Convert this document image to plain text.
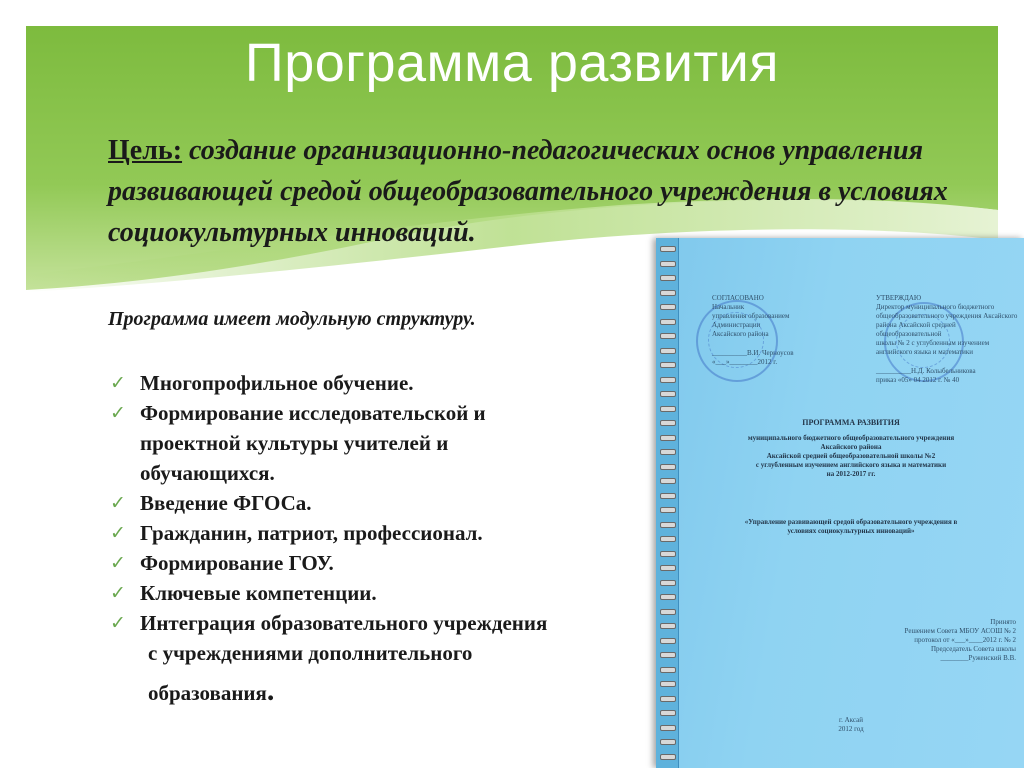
Программа развития
Цель: создание организационно-педагогических основ управления развивающей средой общеобразовательного учреждения в условиях социокультурных инноваций.
Программа имеет модульную структуру.
✓ Многопрофильное обучение.
✓ Формирование исследовательской и
проектной культуры учителей и
обучающихся.
✓ Введение ФГОСа.
✓ Гражданин, патриот, профессионал.
✓ Формирование ГОУ.
✓ Ключевые компетенции.
✓ Интеграция образовательного учреждения
с учреждениями дополнительного
образования.
СОГЛАСОВАНО
Начальник
управления образованием
Администрации
Аксайского района
__________В.И. Черноусов
«___»________2012 г.
УТВЕРЖДАЮ
Директор муниципального бюджетного
общеобразовательного учреждения Аксайского
района Аксайской средней общеобразовательной
школы № 2 с углубленным изучением
английского языка и математики
__________Н.Д. Колыбельникова
приказ «05» 04 2012 г. № 40
ПРОГРАММА РАЗВИТИЯ
муниципального бюджетного общеобразовательного учреждения
Аксайского района
Аксайской средней общеобразовательной школы №2
с углубленным изучением английского языка и математики
на 2012-2017 гг.
«Управление развивающей средой образовательного учреждения в
условиях социокультурных инноваций»
Принято
Решением Совета МБОУ АСОШ № 2
протокол от «___»____2012 г. № 2
Председатель Совета школы
________Руженский В.В.
г. Аксай
2012 год
